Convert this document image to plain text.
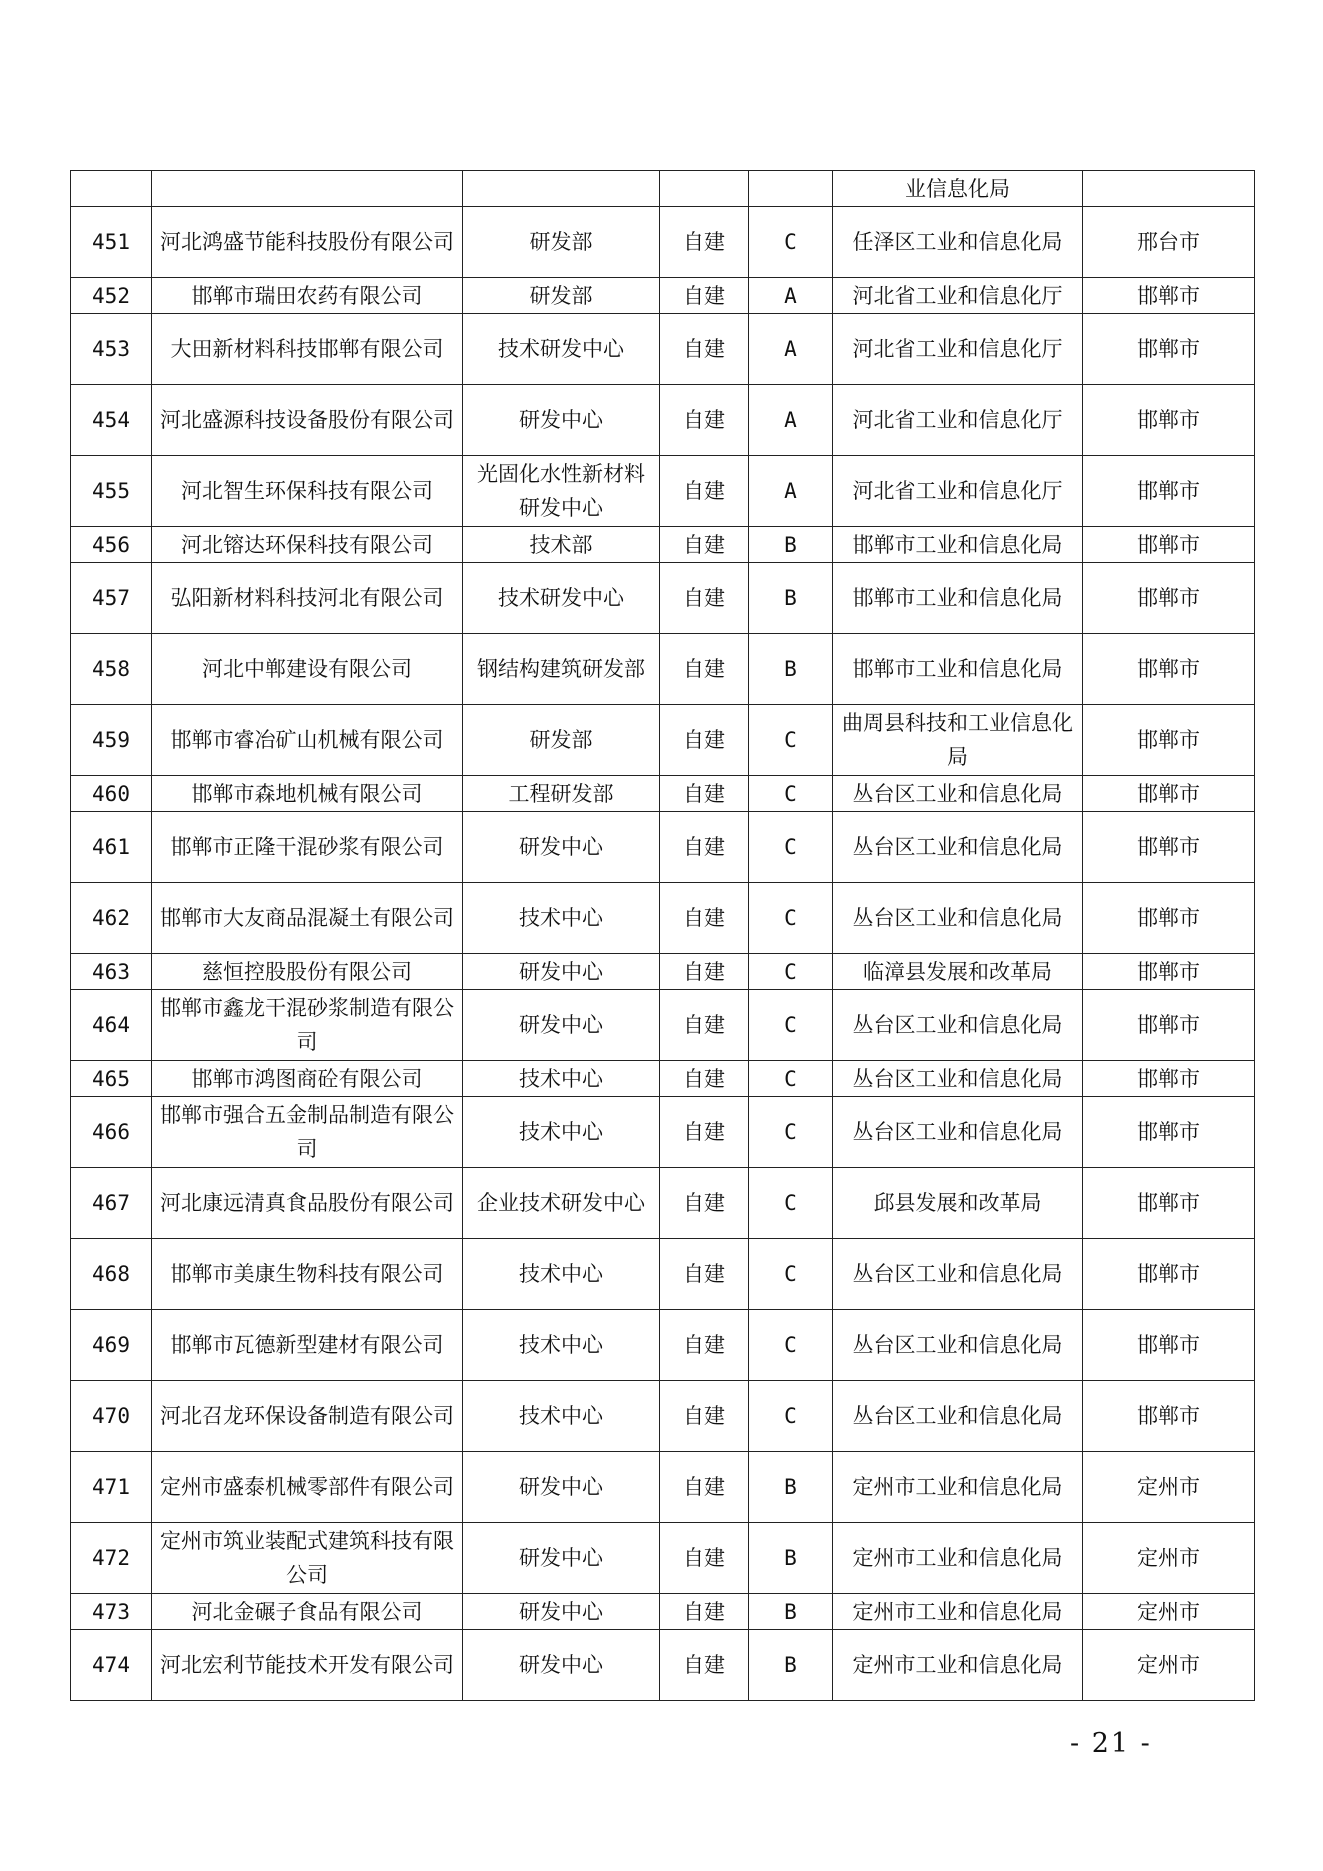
					业信息化局	
451	河北鸿盛节能科技股份有限公司	研发部	自建	C	任泽区工业和信息化局	邢台市
452	邯郸市瑞田农药有限公司	研发部	自建	A	河北省工业和信息化厅	邯郸市
453	大田新材料科技邯郸有限公司	技术研发中心	自建	A	河北省工业和信息化厅	邯郸市
454	河北盛源科技设备股份有限公司	研发中心	自建	A	河北省工业和信息化厅	邯郸市
455	河北智生环保科技有限公司	光固化水性新材料研发中心	自建	A	河北省工业和信息化厅	邯郸市
456	河北镕达环保科技有限公司	技术部	自建	B	邯郸市工业和信息化局	邯郸市
457	弘阳新材料科技河北有限公司	技术研发中心	自建	B	邯郸市工业和信息化局	邯郸市
458	河北中郸建设有限公司	钢结构建筑研发部	自建	B	邯郸市工业和信息化局	邯郸市
459	邯郸市睿冶矿山机械有限公司	研发部	自建	C	曲周县科技和工业信息化局	邯郸市
460	邯郸市森地机械有限公司	工程研发部	自建	C	丛台区工业和信息化局	邯郸市
461	邯郸市正隆干混砂浆有限公司	研发中心	自建	C	丛台区工业和信息化局	邯郸市
462	邯郸市大友商品混凝土有限公司	技术中心	自建	C	丛台区工业和信息化局	邯郸市
463	慈恒控股股份有限公司	研发中心	自建	C	临漳县发展和改革局	邯郸市
464	邯郸市鑫龙干混砂浆制造有限公司	研发中心	自建	C	丛台区工业和信息化局	邯郸市
465	邯郸市鸿图商砼有限公司	技术中心	自建	C	丛台区工业和信息化局	邯郸市
466	邯郸市强合五金制品制造有限公司	技术中心	自建	C	丛台区工业和信息化局	邯郸市
467	河北康远清真食品股份有限公司	企业技术研发中心	自建	C	邱县发展和改革局	邯郸市
468	邯郸市美康生物科技有限公司	技术中心	自建	C	丛台区工业和信息化局	邯郸市
469	邯郸市瓦德新型建材有限公司	技术中心	自建	C	丛台区工业和信息化局	邯郸市
470	河北召龙环保设备制造有限公司	技术中心	自建	C	丛台区工业和信息化局	邯郸市
471	定州市盛泰机械零部件有限公司	研发中心	自建	B	定州市工业和信息化局	定州市
472	定州市筑业装配式建筑科技有限公司	研发中心	自建	B	定州市工业和信息化局	定州市
473	河北金碾子食品有限公司	研发中心	自建	B	定州市工业和信息化局	定州市
474	河北宏利节能技术开发有限公司	研发中心	自建	B	定州市工业和信息化局	定州市
- 21 -
